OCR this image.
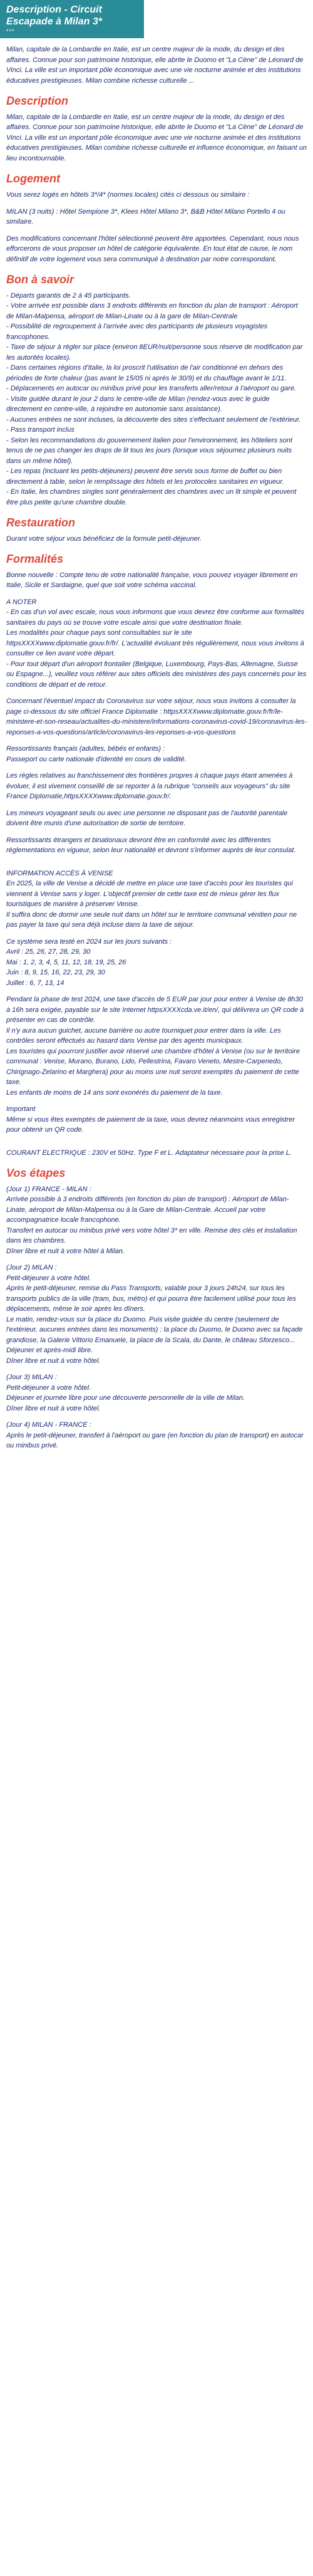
Description - Circuit Escapade à Milan 3*
***

Milan, capitale de la Lombardie en Italie, est un centre majeur de la mode, du design et des affaires. Connue pour son patrimoine historique, elle abrite le Duomo et "La Cène" de Léonard de Vinci. La ville est un important pôle économique avec une vie nocturne animée et des institutions éducatives prestigieuses. Milan combine richesse culturelle ...

Description

Milan, capitale de la Lombardie en Italie, est un centre majeur de la mode, du design et des affaires. Connue pour son patrimoine historique, elle abrite le Duomo et "La Cène" de Léonard de Vinci. La ville est un important pôle économique avec une vie nocturne animée et des institutions éducatives prestigieuses. Milan combine richesse culturelle et influence économique, en faisant un lieu incontournable.

Logement

Vous serez logés en hôtels 3*/4* (normes locales) cités ci dessous ou similaire :

MILAN (3 nuits) : Hôtel Sempione 3*, Klees Hôtel Milano 3*, B&B Hôtel Milano Portello 4 ou similaire.

Des modifications concernant l'hôtel sélectionné peuvent être apportées. Cependant, nous nous efforcerons de vous proposer un hôtel de catégorie équivalente. En tout état de cause, le nom définitif de votre logement vous sera communiqué à destination par notre correspondant.

Bon à savoir

- Départs garantis de 2 à 45 participants.

- Votre arrivée est possible dans 3 endroits différents en fonction du plan de transport : Aéroport de Milan-Malpensa, aéroport de Milan-Linate ou à la gare de Milan-Centrale

- Possibilité de regroupement à l'arrivée avec des participants de plusieurs voyagistes francophones.

- Taxe de séjour à régler sur place (environ 8EUR/nuit/personne sous réserve de modification par les autorités locales).

- Dans certaines régions d'Italie, la loi proscrit l'utilisation de l'air conditionné en dehors des périodes de forte chaleur (pas avant le 15/05 ni après le 30/9) et du chauffage avant le 1/11.

- Déplacements en autocar ou minibus privé pour les transferts aller/retour à l'aéroport ou gare.

- Visite guidée durant le jour 2 dans le centre-ville de Milan (rendez-vous avec le guide directement en centre-ville, à rejoindre en autonomie sans assistance).

- Aucunes entrées ne sont incluses, la découverte des sites s'effectuant seulement de l'extérieur.

- Pass transport inclus

- Selon les recommandations du gouvernement italien pour l'environnement, les hôteliers sont tenus de ne pas changer les draps de lit tous les jours (lorsque vous séjournez plusieurs nuits dans un même hôtel).

- Les repas (incluant les petits-déjeuners) peuvent être servis sous forme de buffet ou bien directement à table, selon le remplissage des hôtels et les protocoles sanitaires en vigueur.

- En Italie, les chambres singles sont généralement des chambres avec un lit simple et peuvent être plus petite qu'une chambre double.

Restauration

Durant votre séjour vous bénéficiez de la formule petit-déjeuner.

Formalités

Bonne nouvelle : Compte tenu de votre nationalité française, vous pouvez voyager librement en Italie, Sicile et Sardaigne, quel que soit votre schéma vaccinal.

A NOTER

- En cas d'un vol avec escale, nous vous informons que vous devrez être conforme aux formalités sanitaires du pays où se trouve votre escale ainsi que votre destination finale.

Les modalités pour chaque pays sont consultables sur le site httpsXXXXwww.diplomatie.gouv.fr/fr/. L'actualité évoluant très régulièrement, nous vous invitons à consulter ce lien avant votre départ.

- Pour tout départ d'un aéroport frontalier (Belgique, Luxembourg, Pays-Bas, Allemagne, Suisse ou Espagne...), veuillez vous référer aux sites officiels des ministères des pays concernés pour les conditions de départ et de retour.

Concernant l'éventuel impact du Coronavirus sur votre séjour, nous vous invitons à consulter la page ci-dessous du site officiel France Diplomatie : httpsXXXXwww.diplomatie.gouv.fr/fr/le-ministere-et-son-reseau/actualites-du-ministere/informations-coronavirus-covid-19/coronavirus-les-reponses-a-vos-questions/article/coronavirus-les-reponses-a-vos-questions

Ressortissants français (adultes, bébés et enfants) :

Passeport ou carte nationale d'identité en cours de validité.

Les règles relatives au franchissement des frontières propres à chaque pays étant amenées à évoluer, il est vivement conseillé de se reporter à la rubrique "conseils aux voyageurs" du site France Diplomatie,httpsXXXXwww.diplomatie.gouv.fr/.

Les mineurs voyageant seuls ou avec une personne ne disposant pas de l'autorité parentale doivent être munis d'une autorisation de sortie de territoire.

Ressortissants étrangers et binationaux devront être en conformité avec les différentes réglementations en vigueur, selon leur nationalité et devront s'informer auprès de leur consulat.

INFORMATION ACCÈS À VENISE

En 2025, la ville de Venise a décidé de mettre en place une taxe d'accès pour les touristes qui viennent à Venise sans y loger. L'objectif premier de cette taxe est de mieux gérer les flux touristiques de manière à préserver Venise.

Il suffira donc de dormir une seule nuit dans un hôtel sur le territoire communal vénitien pour ne pas payer la taxe qui sera déjà incluse dans la taxe de séjour.

Ce système sera testé en 2024 sur les jours suivants :

Avril : 25, 26, 27, 28, 29, 30

Mai : 1, 2, 3, 4, 5, 11, 12, 18, 19, 25, 26

Juin : 8, 9, 15, 16, 22, 23, 29, 30

Juillet : 6, 7, 13, 14

Pendant la phase de test 2024, une taxe d'accès de 5 EUR par jour pour entrer à Venise de 8h30 à 16h sera exigée, payable sur le site Internet httpsXXXXcda.ve.it/en/, qui délivrera un QR code à présenter en cas de contrôle.

Il n'y aura aucun guichet, aucune barrière ou autre tourniquet pour entrer dans la ville. Les contrôles seront effectués au hasard dans Venise par des agents municipaux.

Les touristes qui pourront justifier avoir réservé une chambre d'hôtel à Venise (ou sur le territoire communal : Venise, Murano, Burano, Lido, Pellestrina, Favaro Veneto, Mestre-Carpenedo, Chirignago-Zelarino et Marghera) pour au moins une nuit seront exemptés du paiement de cette taxe.

Les enfants de moins de 14 ans sont exonérés du paiement de la taxe.

Important

Même si vous êtes exemptés de paiement de la taxe, vous devrez néanmoins vous enregistrer pour obtenir un QR code.

COURANT ELECTRIQUE : 230V et 50Hz. Type F et L. Adaptateur nécessaire pour la prise L.

Vos étapes

(Jour 1) FRANCE - MILAN :

Arrivée possible à 3 endroits différents (en fonction du plan de transport) : Aéroport de Milan-Linate, aéroport de Milan-Malpensa ou à la Gare de Milan-Centrale. Accueil par votre accompagnatrice locale francophone.

Transfert en autocar ou minibus privé vers votre hôtel 3* en ville. Remise des clés et installation dans les chambres.

Dîner libre et nuit à votre hôtel à Milan.

(Jour 2) MILAN :

Petit-déjeuner à votre hôtel.

Après le petit-déjeuner, remise du Pass Transports, valable pour 3 jours 24h24, sur tous les transports publics de la ville (tram, bus, métro) et qui pourra être facilement utilisé pour tous les déplacements, même le soir après les dîners.

Le matin, rendez-vous sur la place du Duomo. Puis visite guidée du centre (seulement de l'extérieur, aucunes entrées dans les monuments) : la place du Duomo, le Duomo avec sa façade grandiose, la Galerie Vittorio Emanuele, la place de la Scala, du Dante, le château Sforzesco...

Déjeuner et après-midi libre.

Dîner libre et nuit à votre hôtel.

(Jour 3) MILAN :

Petit-déjeuner à votre hôtel.

Déjeuner et journée libre pour une découverte personnelle de la ville de Milan.

Dîner libre et nuit à votre hôtel.

(Jour 4) MILAN - FRANCE :

Après le petit-déjeuner, transfert à l'aéroport ou gare (en fonction du plan de transport) en autocar ou minibus privé.
